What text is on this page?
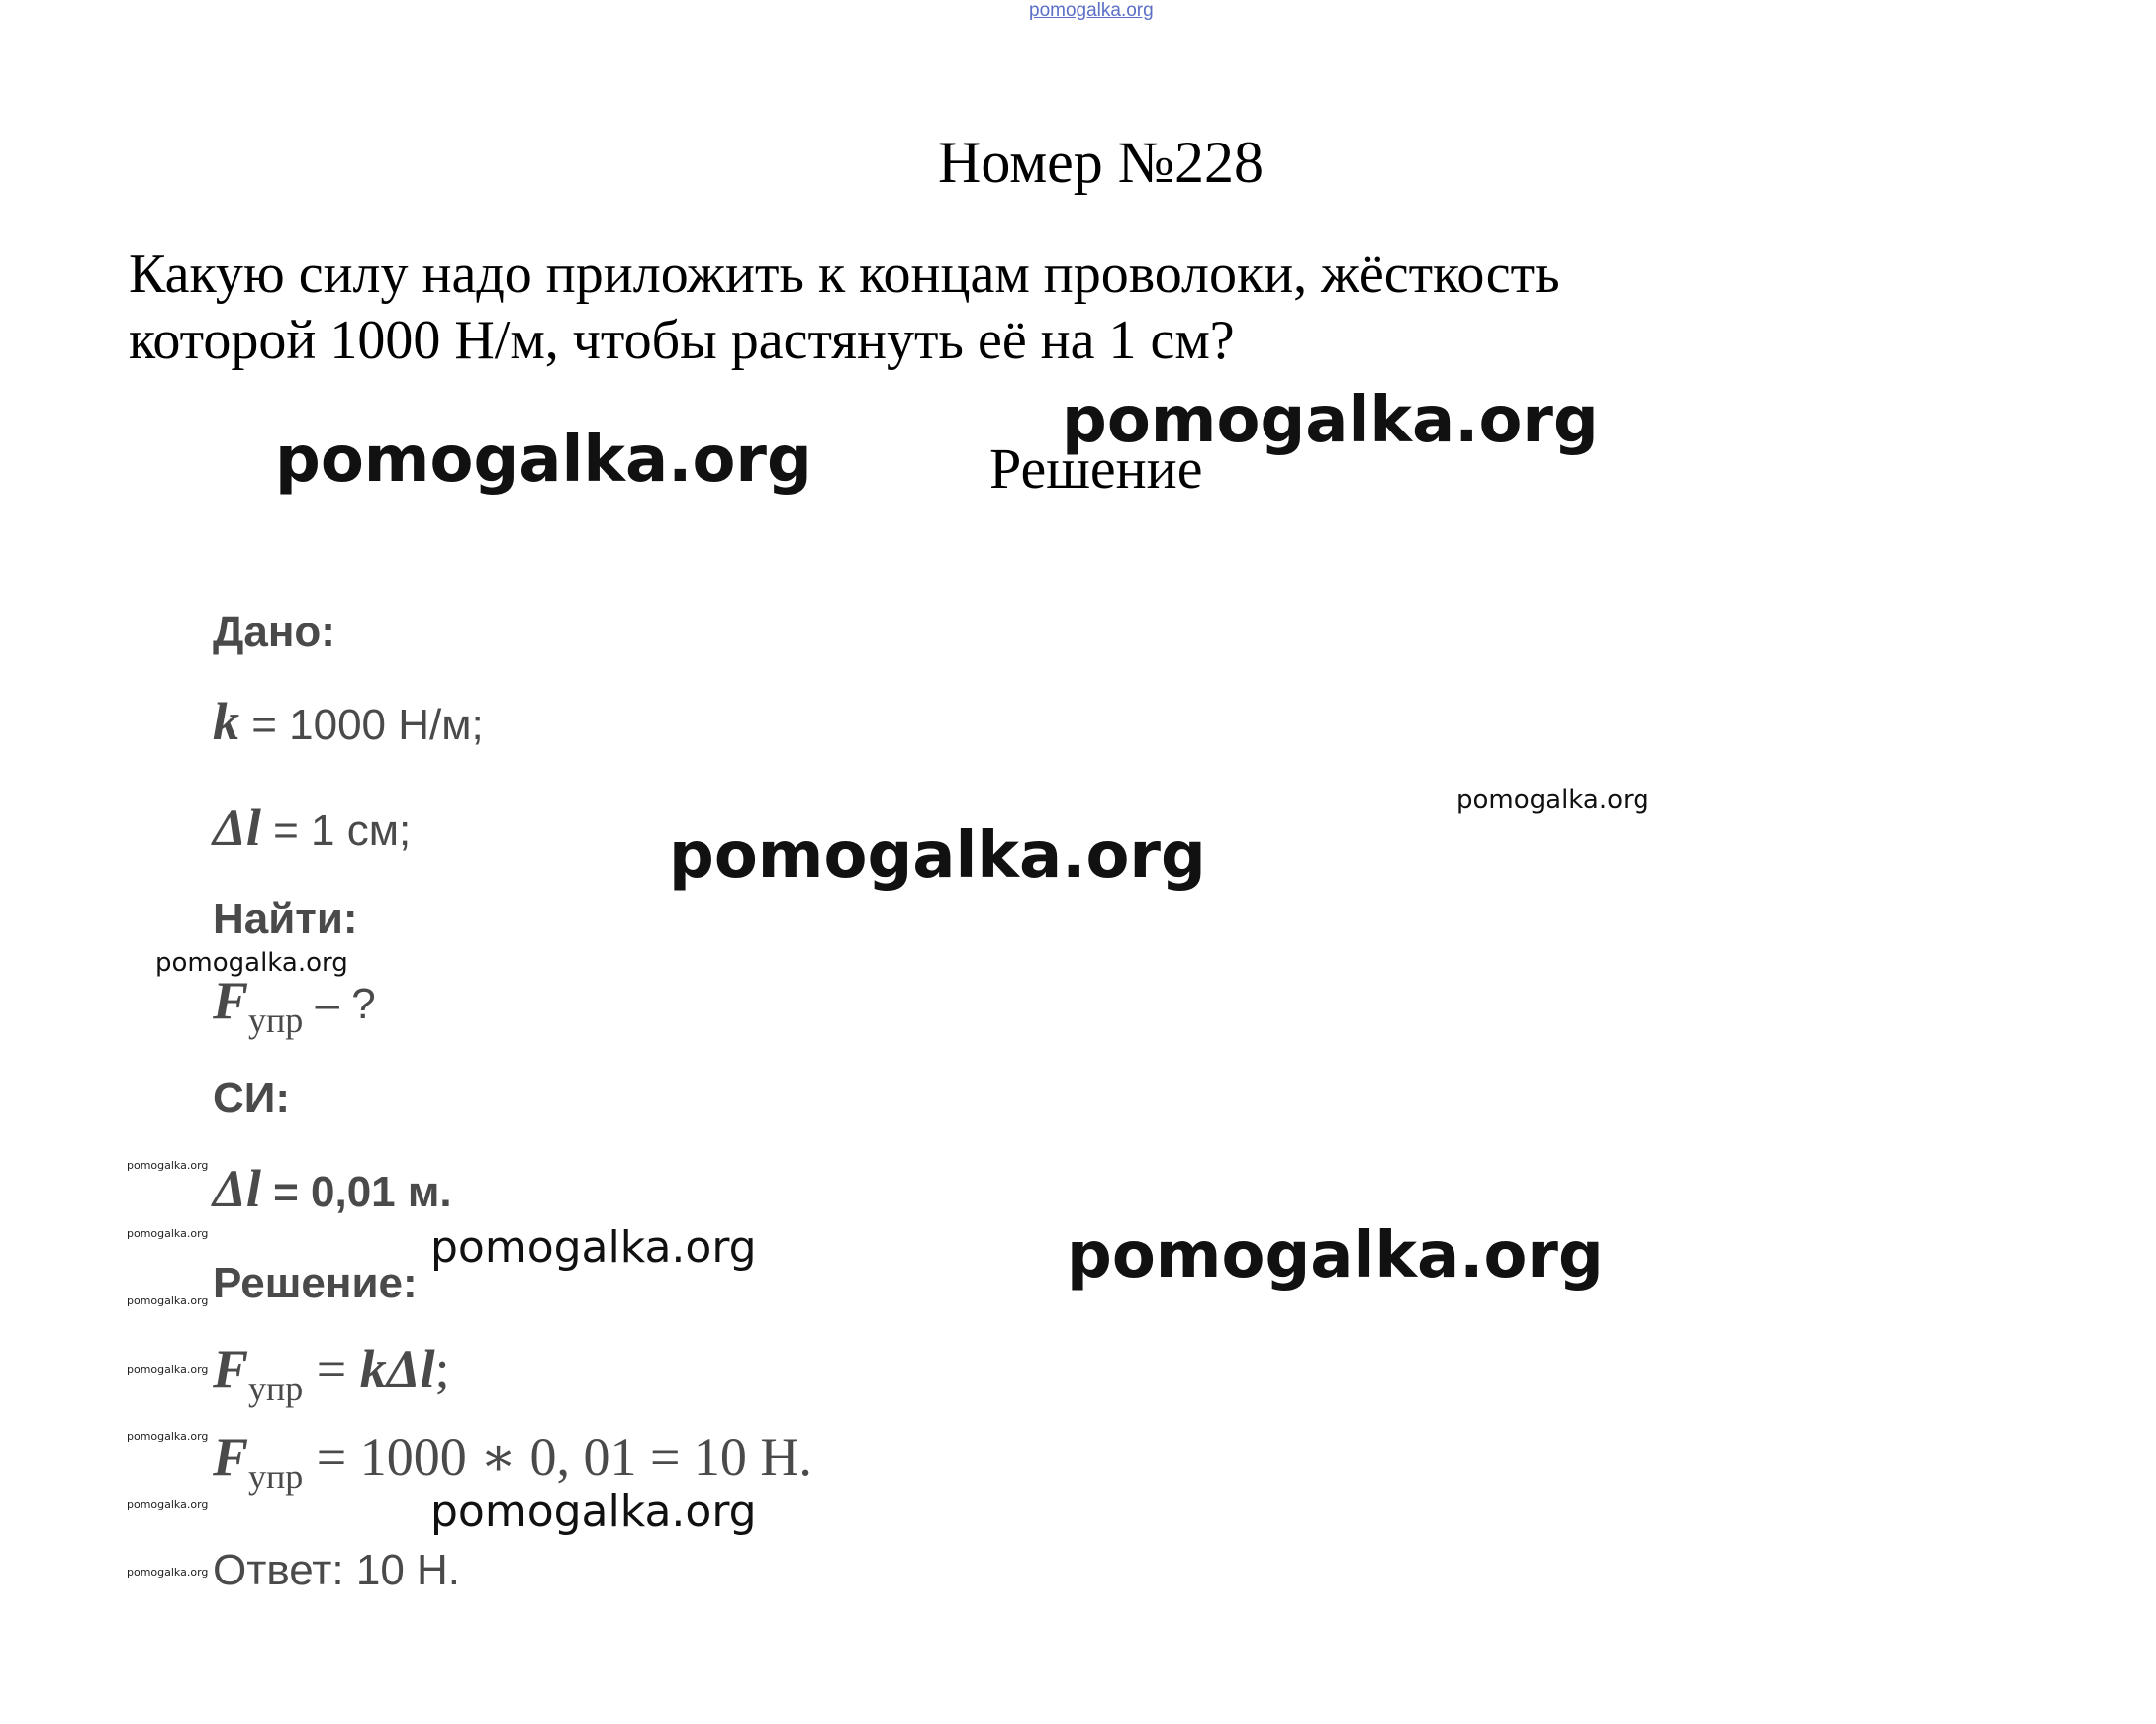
pomogalka.org
Номер №228
Какую силу надо приложить к концам проволоки, жёсткость
которой 1000 Н/м, чтобы растянуть её на 1 см?
Решение
pomogalka.org
pomogalka.org
pomogalka.org
pomogalka.org
pomogalka.org
pomogalka.org
pomogalka.org
pomogalka.org
pomogalka.org
pomogalka.org
pomogalka.org
pomogalka.org
pomogalka.org
pomogalka.org
pomogalka.org
Дано:
k = 1000 Н/м;
Δl = 1 см;
Найти:
$F_{упр}$ – ?
СИ:
Δl = 0,01 м.
Решение:
$F_{упр} = k\Delta l$;
$F_{упр} = 1000$ ∗ 0, 01 = 10 Н.
Ответ: 10 Н.
